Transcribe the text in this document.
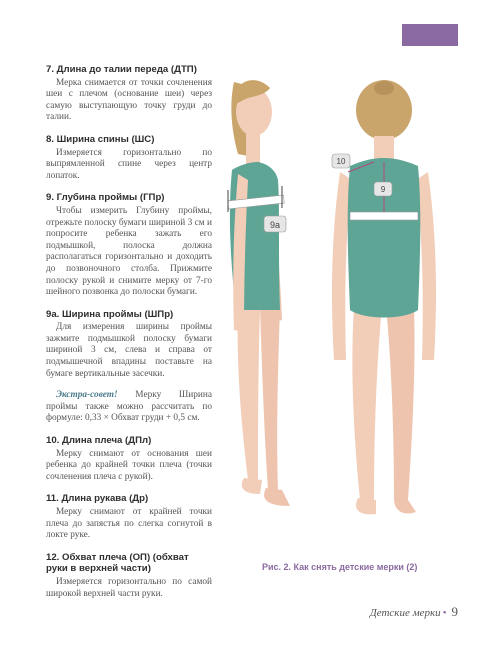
7. Длина до талии переда (ДТП)
Мерка снимается от точки сочленения шеи с плечом (основание шеи) через самую выступающую точку груди до талии.
8. Ширина спины (ШС)
Измеряется горизонтально по выпрямленной спине через центр лопаток.
9. Глубина проймы (ГПр)
Чтобы измерить Глубину проймы, отрежьте полоску бумаги шириной 3 см и попросите ребенка зажать его подмышкой, полоска должна располагаться горизонтально и доходить до позвоночного столба. Прижмите полоску рукой и снимите мерку от 7-го шейного позвонка до полоски бумаги.
9а. Ширина проймы (ШПр)
Для измерения ширины проймы зажмите подмышкой полоску бумаги шириной 3 см, слева и справа от подмышечной впадины поставьте на бумаге вертикальные засечки.
Экстра-совет! Мерку Ширина проймы также можно рассчитать по формуле: 0,33 × Обхват груди + 0,5 см.
10. Длина плеча (ДПл)
Мерку снимают от основания шеи ребенка до крайней точки плеча (точки сочленения плеча с рукой).
11. Длина рукава (Др)
Мерку снимают от крайней точки плеча до запястья по слегка согнутой в локте руке.
12. Обхват плеча (ОП) (обхват руки в верхней части)
Измеряется горизонтально по самой широкой верхней части руки.
9а
10
9
Рис. 2. Как снять детские мерки (2)
Детские мерки • 9
